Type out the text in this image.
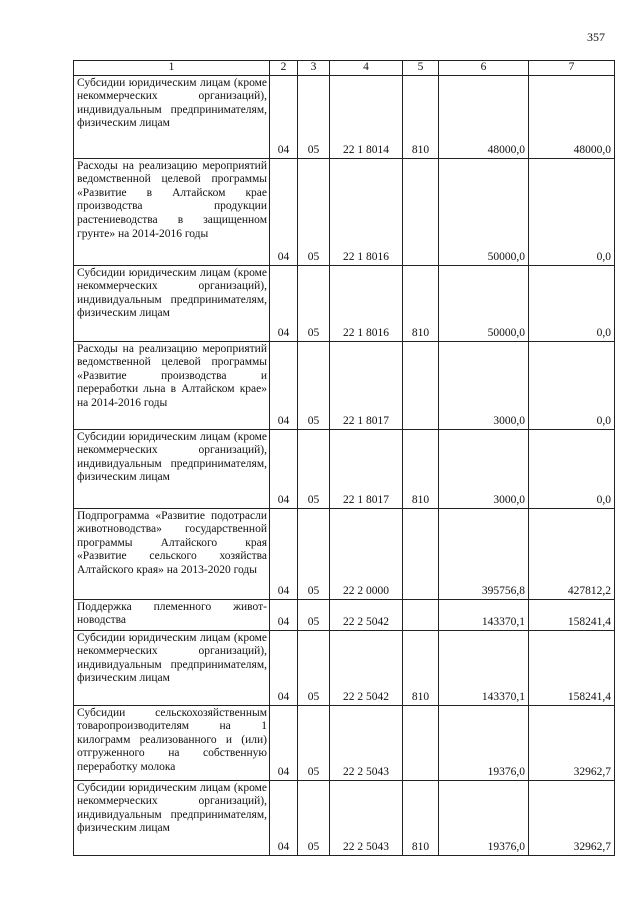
357
1	2	3	4	5	6	7
Субсидии юридическим лицам (кроме некоммерческих организаций), индивидуальным предпринимателям, физическим лицам	04	05	22 1 8014	810	48000,0	48000,0
Расходы на реализацию мероприятий ведомственной целевой программы «Развитие в Алтайском крае производства продукции растениеводства в защищенном грунте» на 2014-2016 годы	04	05	22 1 8016		50000,0	0,0
Субсидии юридическим лицам (кроме некоммерческих организаций), индивидуальным предпринимателям, физическим лицам	04	05	22 1 8016	810	50000,0	0,0
Расходы на реализацию мероприятий ведомственной целевой программы «Развитие производства и переработки льна в Алтайском крае» на 2014-2016 годы	04	05	22 1 8017		3000,0	0,0
Субсидии юридическим лицам (кроме некоммерческих организаций), индивидуальным предпринимателям, физическим лицам	04	05	22 1 8017	810	3000,0	0,0
Подпрограмма «Развитие подотрасли животноводства» государственной программы Алтайского края «Развитие сельского хозяйства Алтайского края» на 2013-2020 годы	04	05	22 2 0000		395756,8	427812,2
Поддержка племенного животноводства	04	05	22 2 5042		143370,1	158241,4
Субсидии юридическим лицам (кроме некоммерческих организаций), индивидуальным предпринимателям, физическим лицам	04	05	22 2 5042	810	143370,1	158241,4
Субсидии сельскохозяйственным товаропроизводителям на 1 килограмм реализованного и (или) отгруженного на собственную переработку молока	04	05	22 2 5043		19376,0	32962,7
Субсидии юридическим лицам (кроме некоммерческих организаций), индивидуальным предпринимателям, физическим лицам	04	05	22 2 5043	810	19376,0	32962,7
